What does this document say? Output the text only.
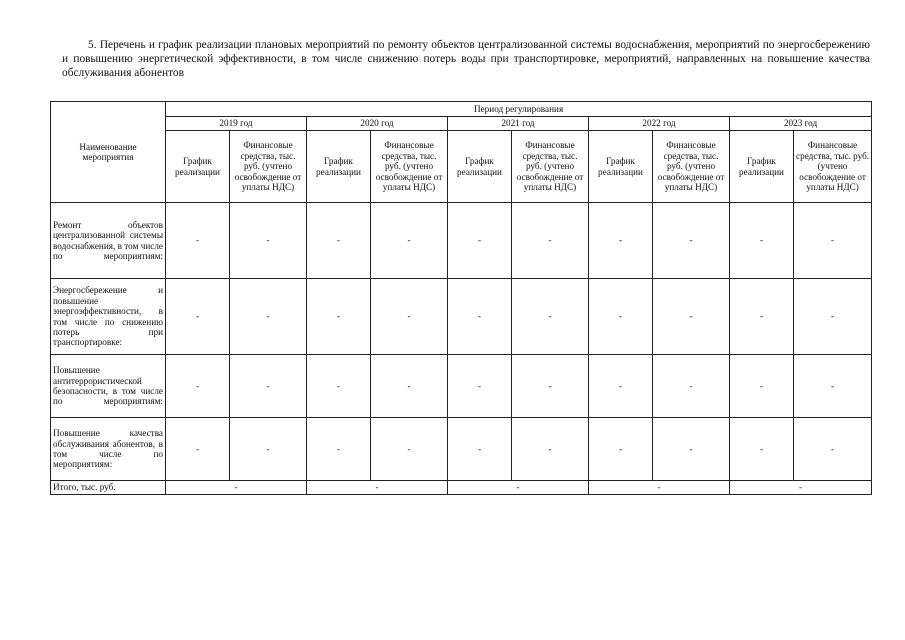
5. Перечень и график реализации плановых мероприятий по ремонту объектов централизованной системы водоснабжения, мероприятий по энергосбережению и повышению энергетической эффективности, в том числе снижению потерь воды при транспортировке, мероприятий, направленных на повышение качества обслуживания абонентов
Наименование мероприятия	Период регулирования									
	2019 год		2020 год		2021 год		2022 год		2023 год	
	График реализации	Финансовые средства, тыс. руб. (учтено освобождение от уплаты НДС)	График реализации	Финансовые средства, тыс. руб. (учтено освобождение от уплаты НДС)	График реализации	Финансовые средства, тыс. руб. (учтено освобождение от уплаты НДС)	График реализации	Финансовые средства, тыс. руб. (учтено освобождение от уплаты НДС)	График реализации	Финансовые средства, тыс. руб. (учтено освобождение от уплаты НДС)
Ремонт объектов централизованной системы водоснабжения, в том числе по мероприятиям:	-	-	-	-	-	-	-	-	-	-
Энергосбережение и повышение энергоэффективности, в том числе по снижению потерь при транспортировке:	-	-	-	-	-	-	-	-	-	-
Повышение антитеррористической безопасности, в том числе по мероприятиям:	-	-	-	-	-	-	-	-	-	-
Повышение качества обслуживания абонентов, в том числе по мероприятиям:	-	-	-	-	-	-	-	-	-	-
Итого, тыс. руб.	-		-		-		-		-	
